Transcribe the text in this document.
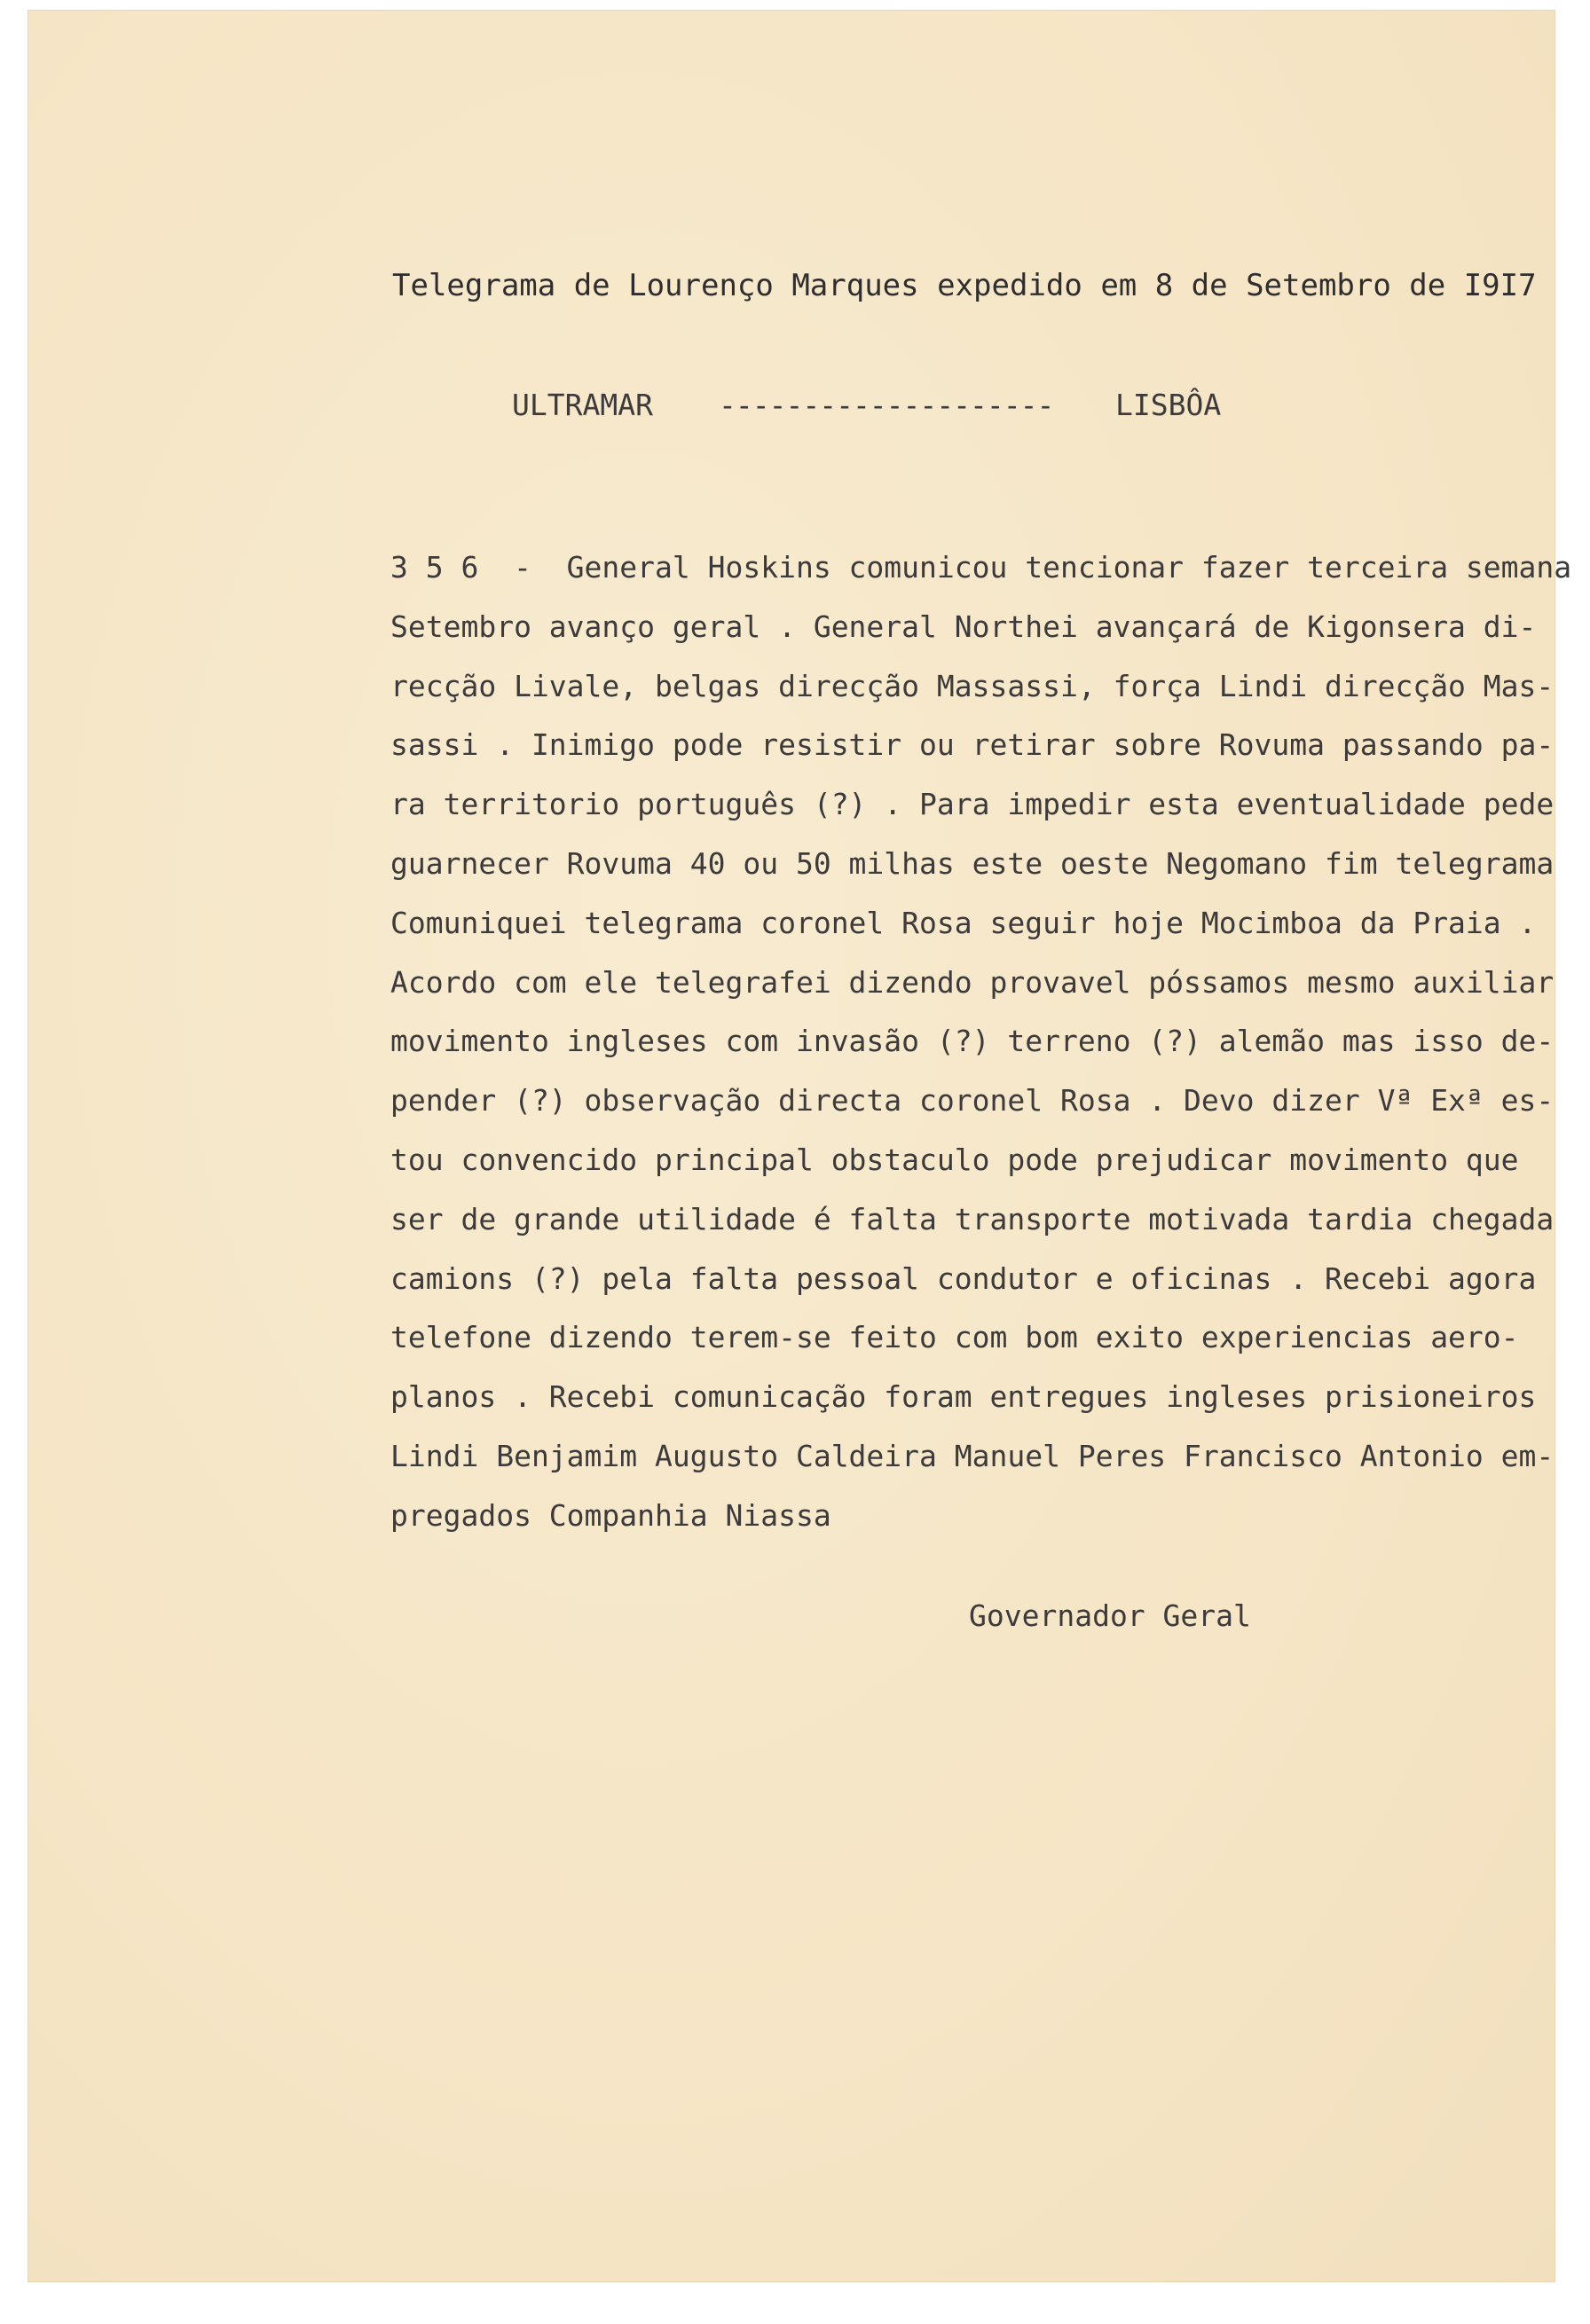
Telegrama de Lourenço Marques expedido em 8 de Setembro de I9I7
ULTRAMAR -------------------- LISBÔA
3 5 6  -  General Hoskins comunicou tencionar fazer terceira semana
Setembro avanço geral . General Northei avançará de Kigonsera di-
recção Livale, belgas direcção Massassi, força Lindi direcção Mas-
sassi . Inimigo pode resistir ou retirar sobre Rovuma passando pa-
ra territorio português (?) . Para impedir esta eventualidade pede
guarnecer Rovuma 40 ou 50 milhas este oeste Negomano fim telegrama
Comuniquei telegrama coronel Rosa seguir hoje Mocimboa da Praia .
Acordo com ele telegrafei dizendo provavel póssamos mesmo auxiliar
movimento ingleses com invasão (?) terreno (?) alemão mas isso de-
pender (?) observação directa coronel Rosa . Devo dizer Vª Exª es-
tou convencido principal obstaculo pode prejudicar movimento que
ser de grande utilidade é falta transporte motivada tardia chegada
camions (?) pela falta pessoal condutor e oficinas . Recebi agora
telefone dizendo terem-se feito com bom exito experiencias aero-
planos . Recebi comunicação foram entregues ingleses prisioneiros
Lindi Benjamim Augusto Caldeira Manuel Peres Francisco Antonio em-
pregados Companhia Niassa
Governador Geral
